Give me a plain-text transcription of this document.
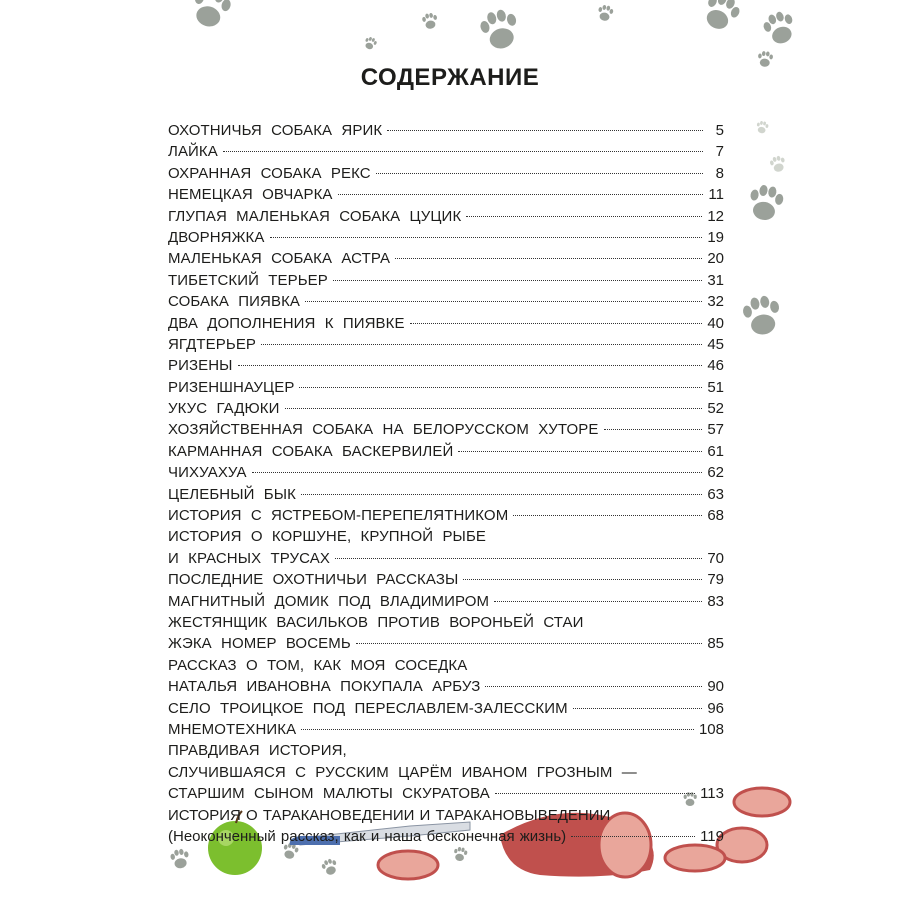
СОДЕРЖАНИЕ
ОХОТНИЧЬЯ СОБАКА ЯРИК	5
ЛАЙКА	7
ОХРАННАЯ СОБАКА РЕКС	8
НЕМЕЦКАЯ ОВЧАРКА	11
ГЛУПАЯ МАЛЕНЬКАЯ СОБАКА ЦУЦИК	12
ДВОРНЯЖКА	19
МАЛЕНЬКАЯ СОБАКА АСТРА	20
ТИБЕТСКИЙ ТЕРЬЕР	31
СОБАКА ПИЯВКА	32
ДВА ДОПОЛНЕНИЯ К ПИЯВКЕ	40
ЯГДТЕРЬЕР	45
РИЗЕНЫ	46
РИЗЕНШНАУЦЕР	51
УКУС ГАДЮКИ	52
ХОЗЯЙСТВЕННАЯ СОБАКА НА БЕЛОРУССКОМ ХУТОРЕ	57
КАРМАННАЯ СОБАКА БАСКЕРВИЛЕЙ	61
ЧИХУАХУА	62
ЦЕЛЕБНЫЙ БЫК	63
ИСТОРИЯ С ЯСТРЕБОМ-ПЕРЕПЕЛЯТНИКОМ	68
ИСТОРИЯ О КОРШУНЕ, КРУПНОЙ РЫБЕ
И КРАСНЫХ ТРУСАХ	70
ПОСЛЕДНИЕ ОХОТНИЧЬИ РАССКАЗЫ	79
МАГНИТНЫЙ ДОМИК ПОД ВЛАДИМИРОМ	83
ЖЕСТЯНЩИК ВАСИЛЬКОВ ПРОТИВ ВОРОНЬЕЙ СТАИ
ЖЭКА НОМЕР ВОСЕМЬ	85
РАССКАЗ О ТОМ, КАК МОЯ СОСЕДКА
НАТАЛЬЯ ИВАНОВНА ПОКУПАЛА АРБУЗ	90
СЕЛО ТРОИЦКОЕ ПОД ПЕРЕСЛАВЛЕМ-ЗАЛЕССКИМ	96
МНЕМОТЕХНИКА	108
ПРАВДИВАЯ ИСТОРИЯ,
СЛУЧИВШАЯСЯ С РУССКИМ ЦАРЁМ ИВАНОМ ГРОЗНЫМ —
СТАРШИМ СЫНОМ МАЛЮТЫ СКУРАТОВА	113
ИСТОРИЯ О ТАРАКАНОВЕДЕНИИ И ТАРАКАНОВЫВЕДЕНИИ
(Неоконченный рассказ, как и наша бесконечная жизнь)	119
